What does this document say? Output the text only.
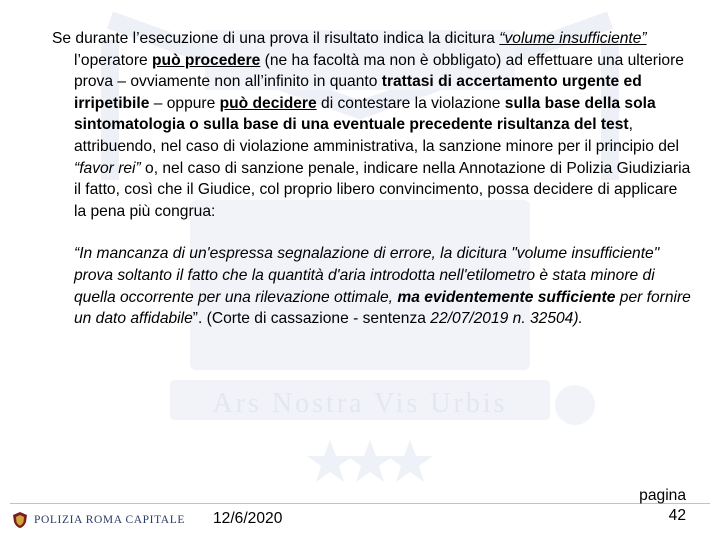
Ars Nostra Vis Urbis

Se durante l’esecuzione di una prova il risultato indica la dicitura “volume insufficiente” l’operatore può procedere (ne ha facoltà ma non è obbligato) ad effettuare una ulteriore prova – ovviamente non all’infinito in quanto trattasi di accertamento urgente ed irripetibile – oppure può decidere di contestare la violazione sulla base della sola sintomatologia o sulla base di una eventuale precedente risultanza del test, attribuendo, nel caso di violazione amministrativa, la sanzione minore per il principio del “favor rei” o, nel caso di sanzione penale, indicare nella Annotazione di Polizia Giudiziaria il fatto, così che il Giudice, col proprio libero convincimento, possa decidere di applicare la pena più congrua:

“In mancanza di un'espressa segnalazione di errore, la dicitura "volume insufficiente" prova soltanto il fatto che la quantità d'aria introdotta nell'etilometro è stata minore di quella occorrente per una rilevazione ottimale, ma evidentemente sufficiente per fornire un dato affidabile”. (Corte di cassazione - sentenza 22/07/2019 n. 32504).
POLIZIA ROMA CAPITALE 12/6/2020
pagina
42
